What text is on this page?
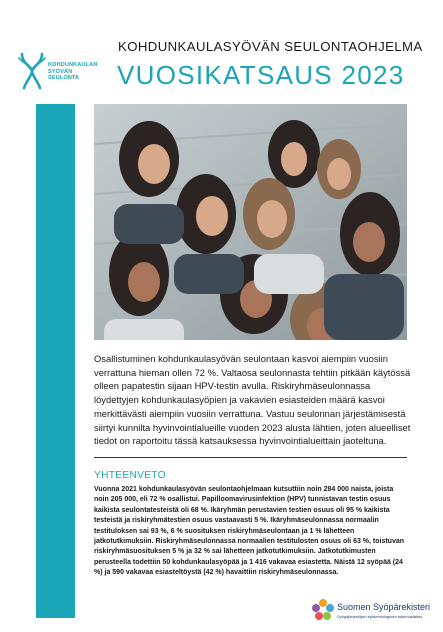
KOHDUNKAULAN
SYÖVÄN
SEULONTA
KOHDUNKAULASYÖVÄN SEULONTAOHJELMA
VUOSIKATSAUS 2023

Osallistuminen kohdunkaulasyövän seulontaan kasvoi aiempiin vuosiin verrattuna hieman ollen 72 %. Valtaosa seulonnasta tehtiin pitkään käytössä olleen papatestin sijaan HPV-testin avulla. Riskiryhmäseulonnassa löydettyjen kohdunkaulasyöpien ja vakavien esiasteiden määrä kasvoi merkittävästi aiempiin vuosiin verrattuna. Vastuu seulonnan järjestämisestä siirtyi kunnilta hyvinvointialueille vuoden 2023 alusta lähtien, joten alueelliset tiedot on raportoitu tässä katsauksessa hyvinvointialueittain jaoteltuna.

YHTEENVETO

Vuonna 2021 kohdunkaulasyövän seulontaohjelmaan kutsuttiin noin 284 000 naista, joista noin 205 000, eli 72 % osallistui. Papilloomavirusinfektion (HPV) tunnistavan testin osuus kaikista seulontatesteistä oli 68 %. Ikäryhmän perustavien testien osuus oli 95 % kaikista testeistä ja riskiryhmätestien osuus vastaavasti 5 %. Ikäryhmäseulonnassa normaalin testituloksen sai 93 %, 6 % suosituksen riskiryhmäseulontaan ja 1 % lähetteen jatkotutkimuksiin. Riskiryhmäseulonnassa normaalien testitulosten osuus oli 63 %, toistuvan riskiryhmäsuosituksen 5 % ja 32 % sai lähetteen jatkotutkimuksiin. Jatkotutkimusten perusteella todettiin 50 kohdunkaulasyöpää ja 1 416 vakavaa esiastetta. Näistä 12 syöpää (24 %) ja 590 vakavaa esiasteltöystä (42 %) havaittiin riskiryhmäseulonnassa.

Suomen Syöpärekisteri
Syöpäjärjestöjen epidemiologinen tutkimuslaitos
